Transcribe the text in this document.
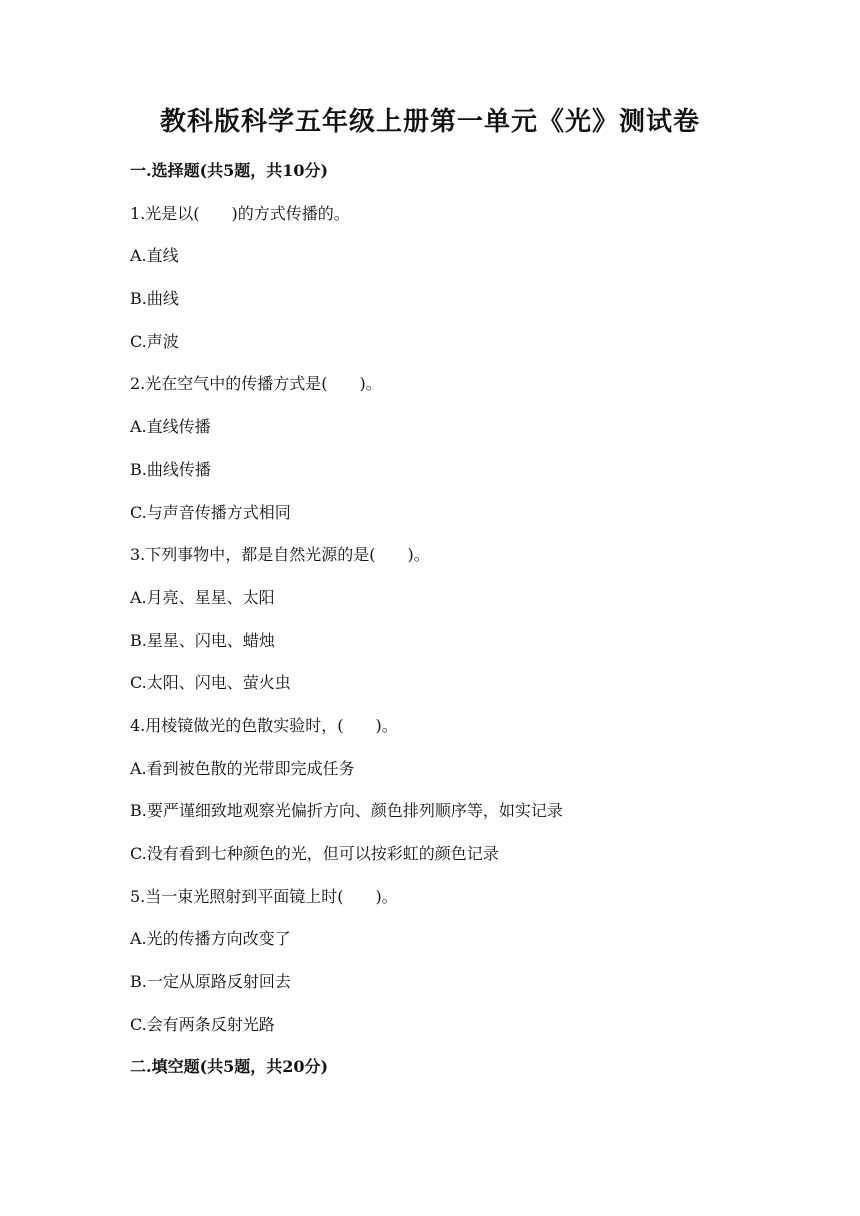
教科版科学五年级上册第一单元《光》测试卷
一.选择题(共5题，共10分)
1.光是以(　　)的方式传播的。
A.直线
B.曲线
C.声波
2.光在空气中的传播方式是(　　)。
A.直线传播
B.曲线传播
C.与声音传播方式相同
3.下列事物中，都是自然光源的是(　　)。
A.月亮、星星、太阳
B.星星、闪电、蜡烛
C.太阳、闪电、萤火虫
4.用棱镜做光的色散实验时，(　　)。
A.看到被色散的光带即完成任务
B.要严谨细致地观察光偏折方向、颜色排列顺序等，如实记录
C.没有看到七种颜色的光，但可以按彩虹的颜色记录
5.当一束光照射到平面镜上时(　　)。
A.光的传播方向改变了
B.一定从原路反射回去
C.会有两条反射光路
二.填空题(共5题，共20分)
